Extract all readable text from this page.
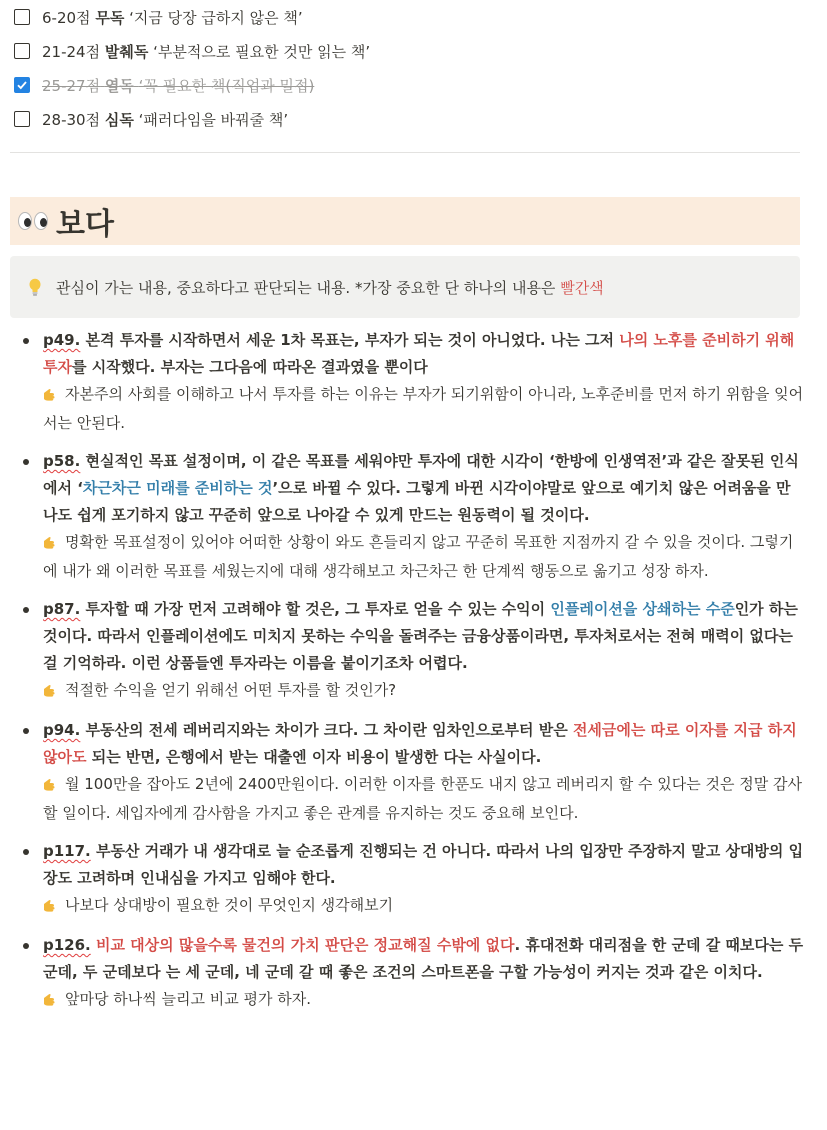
6-20점 무독 ‘지금 당장 급하지 않은 책’
21-24점 발췌독 ‘부분적으로 필요한 것만 읽는 책’
25-27점 열독 ‘꼭 필요한 책(직업과 밀접)
28-30점 심독 ‘패러다임을 바꿔줄 책’
보다
관심이 가는 내용, 중요하다고 판단되는 내용. *가장 중요한 단 하나의 내용은 빨간색
p49. 본격 투자를 시작하면서 세운 1차 목표는, 부자가 되는 것이 아니었다. 나는 그저 나의 노후를 준비하기 위해 투자를 시작했다. 부자는 그다음에 따라온 결과였을 뿐이다
자본주의 사회를 이해하고 나서 투자를 하는 이유는 부자가 되기위함이 아니라, 노후준비를 먼저 하기 위함을 잊어서는 안된다.
p58. 현실적인 목표 설정이며, 이 같은 목표를 세워야만 투자에 대한 시각이 ‘한방에 인생역전’과 같은 잘못된 인식에서 ‘차근차근 미래를 준비하는 것’으로 바뀔 수 있다. 그렇게 바뀐 시각이야말로 앞으로 예기치 않은 어려움을 만나도 쉽게 포기하지 않고 꾸준히 앞으로 나아갈 수 있게 만드는 원동력이 될 것이다.
명확한 목표설정이 있어야 어떠한 상황이 와도 흔들리지 않고 꾸준히 목표한 지점까지 갈 수 있을 것이다. 그렇기에 내가 왜 이러한 목표를 세웠는지에 대해 생각해보고 차근차근 한 단계씩 행동으로 옮기고 성장 하자.
p87. 투자할 때 가장 먼저 고려해야 할 것은, 그 투자로 얻을 수 있는 수익이 인플레이션을 상쇄하는 수준인가 하는 것이다. 따라서 인플레이션에도 미치지 못하는 수익을 돌려주는 금융상품이라면, 투자처로서는 전혀 매력이 없다는 걸 기억하라. 이런 상품들엔 투자라는 이름을 붙이기조차 어렵다.
적절한 수익을 얻기 위해선 어떤 투자를 할 것인가?
p94. 부동산의 전세 레버리지와는 차이가 크다. 그 차이란 임차인으로부터 받은 전세금에는 따로 이자를 지급 하지 않아도 되는 반면, 은행에서 받는 대출엔 이자 비용이 발생한 다는 사실이다.
월 100만을 잡아도 2년에 2400만원이다. 이러한 이자를 한푼도 내지 않고 레버리지 할 수 있다는 것은 정말 감사할 일이다. 세입자에게 감사함을 가지고 좋은 관계를 유지하는 것도 중요해 보인다.
p117. 부동산 거래가 내 생각대로 늘 순조롭게 진행되는 건 아니다. 따라서 나의 입장만 주장하지 말고 상대방의 입장도 고려하며 인내심을 가지고 임해야 한다.
나보다 상대방이 필요한 것이 무엇인지 생각해보기
p126. 비교 대상의 많을수록 물건의 가치 판단은 정교해질 수밖에 없다. 휴대전화 대리점을 한 군데 갈 때보다는 두 군데, 두 군데보다 는 세 군데, 네 군데 갈 때 좋은 조건의 스마트폰을 구할 가능성이 커지는 것과 같은 이치다.
앞마당 하나씩 늘리고 비교 평가 하자.
